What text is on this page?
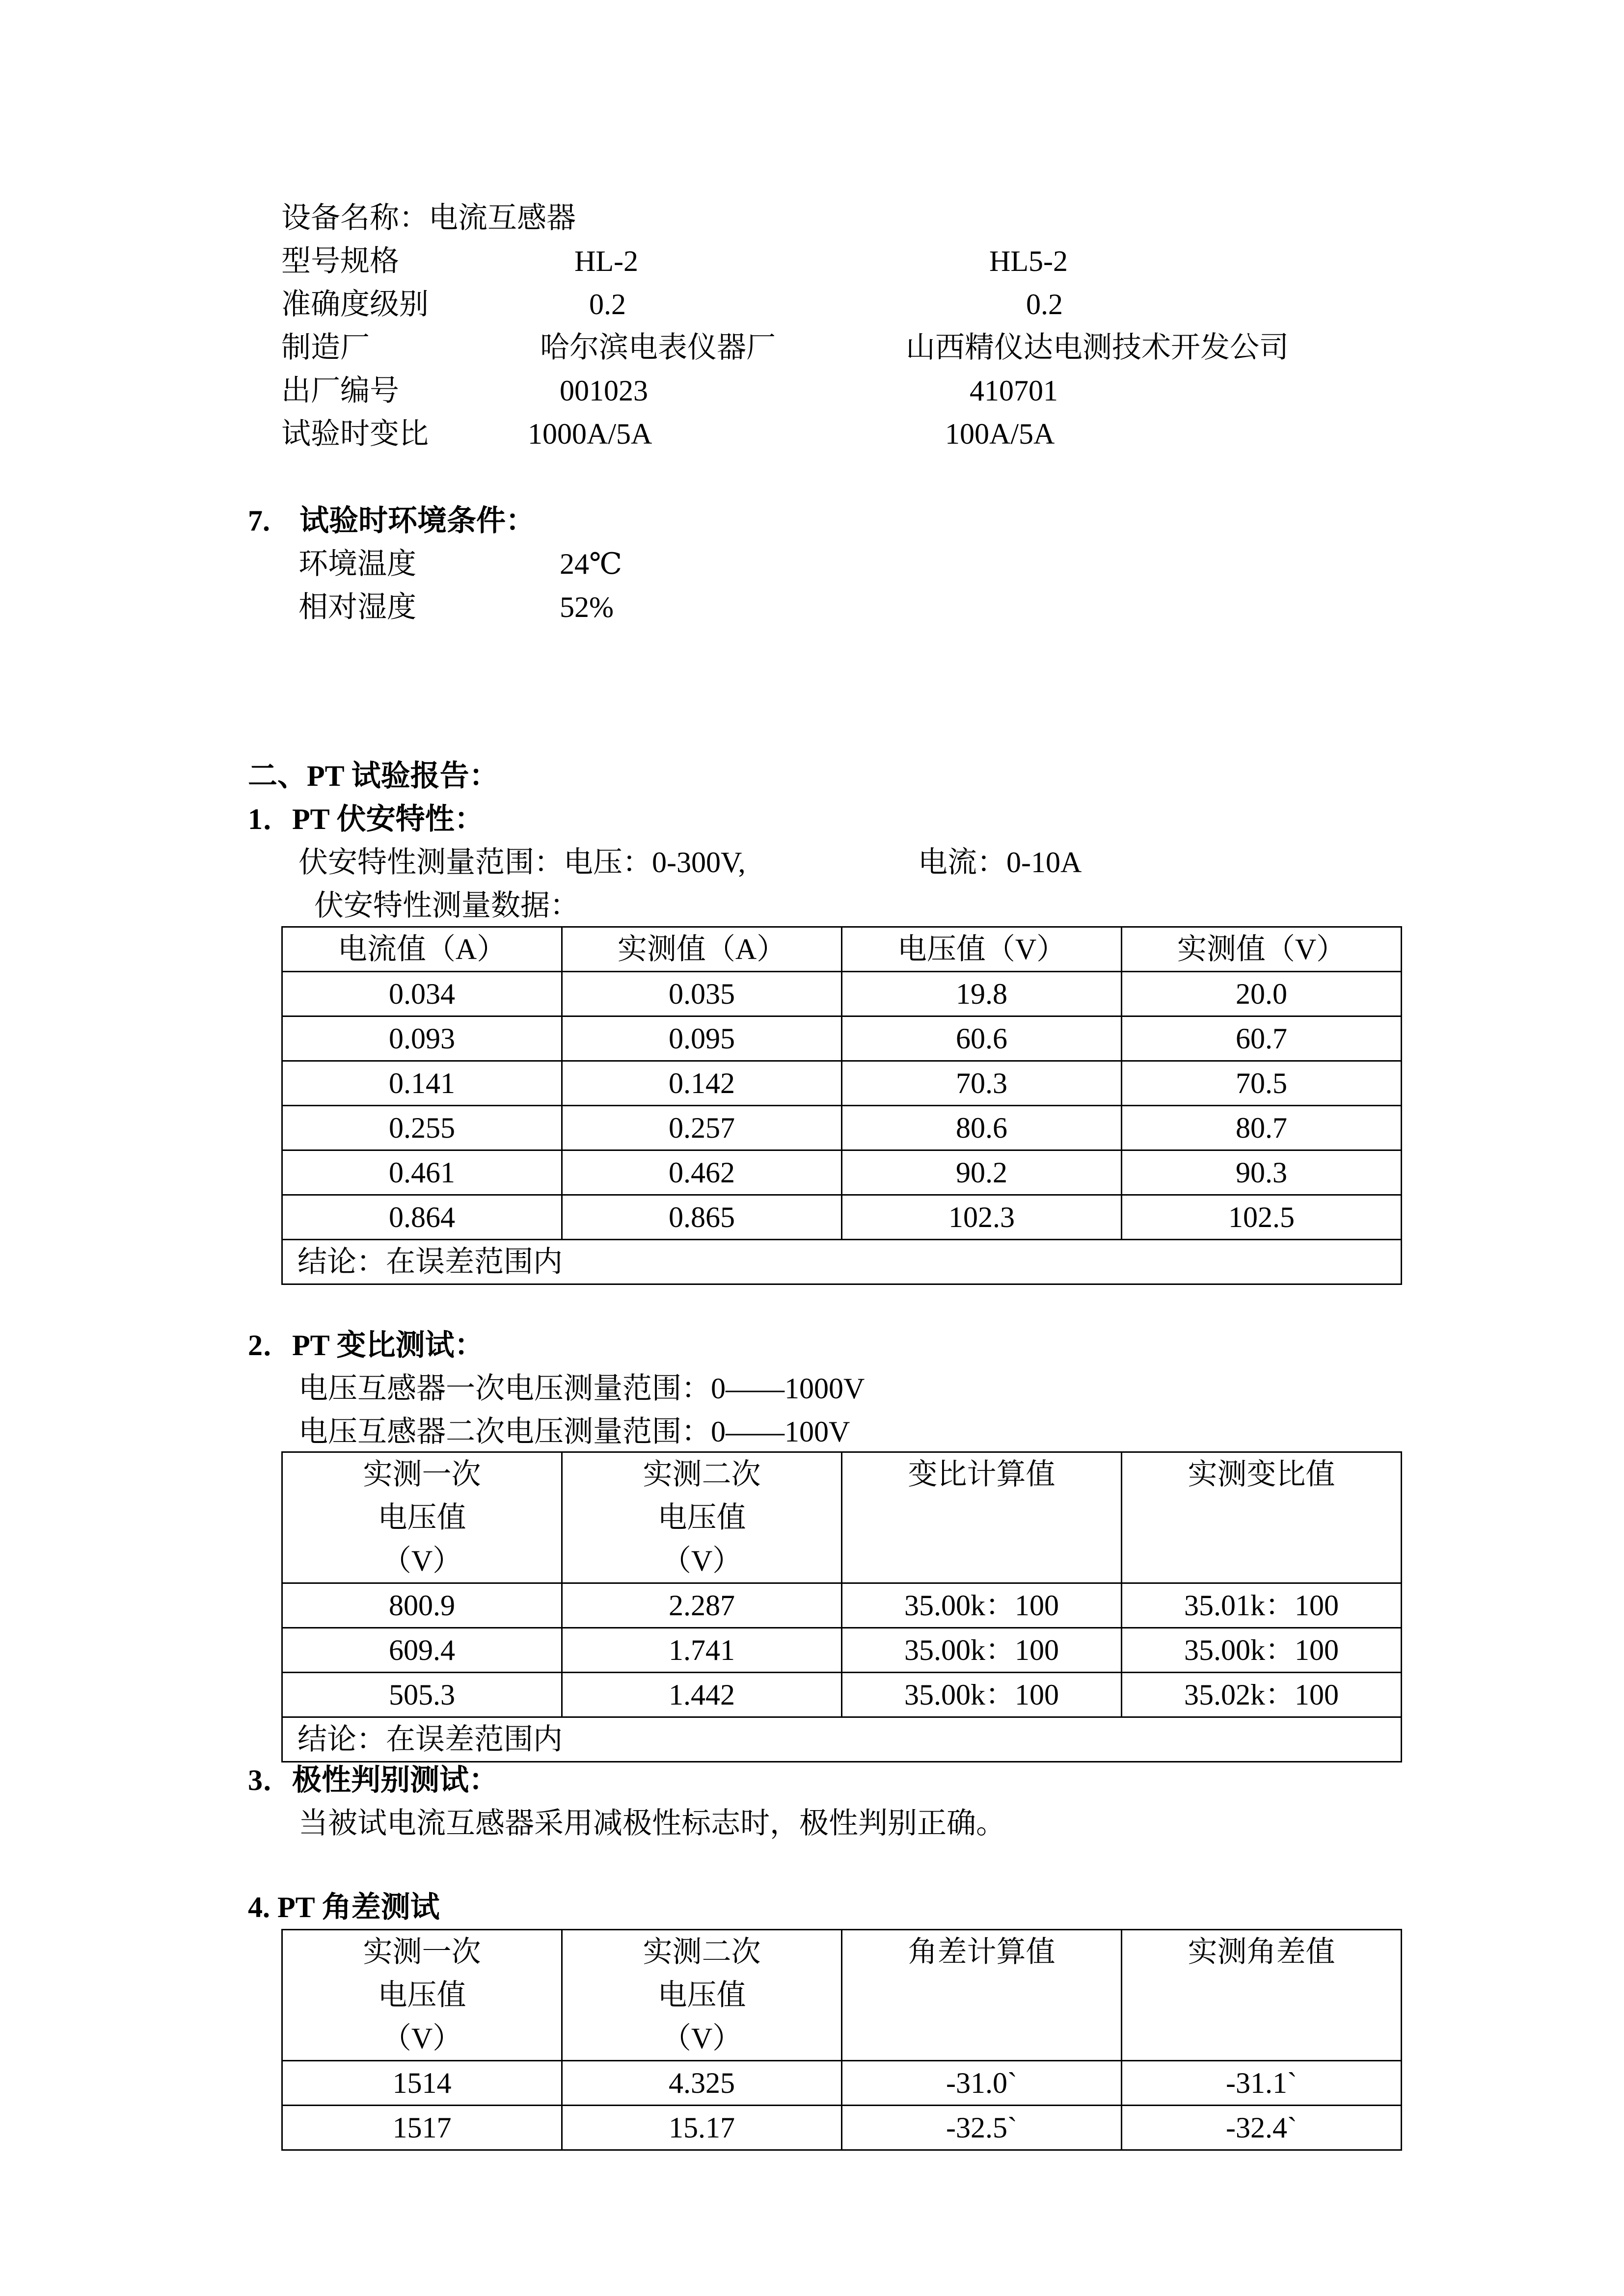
设备名称：电流互感器
型号规格	HL-2	HL5-2
准确度级别	0.2	0.2
制造厂	哈尔滨电表仪器厂	山西精仪达电测技术开发公司
出厂编号	001023	410701
试验时变比	1000A/5A	100A/5A
7.　试验时环境条件：
环境温度	24℃
相对湿度	52%
二、PT 试验报告：
1．PT 伏安特性：
伏安特性测量范围：电压：0-300V,	电流：0-10A
伏安特性测量数据：
电流值（A）	实测值（A）	电压值（V）	实测值（V）
0.034	0.035	19.8	20.0
0.093	0.095	60.6	60.7
0.141	0.142	70.3	70.5
0.255	0.257	80.6	80.7
0.461	0.462	90.2	90.3
0.864	0.865	102.3	102.5
结论：在误差范围内			
2．PT 变比测试：
电压互感器一次电压测量范围：0——1000V
电压互感器二次电压测量范围：0——100V
实测一次电压值（V）	实测二次电压值（V）	变比计算值	实测变比值
800.9	2.287	35.00k：100	35.01k：100
609.4	1.741	35.00k：100	35.00k：100
505.3	1.442	35.00k：100	35.02k：100
结论：在误差范围内			
3．极性判别测试：
当被试电流互感器采用减极性标志时，极性判别正确。
4. PT 角差测试
实测一次电压值（V）	实测二次电压值（V）	角差计算值	实测角差值
1514	4.325	-31.0`	-31.1`
1517	15.17	-32.5`	-32.4`
